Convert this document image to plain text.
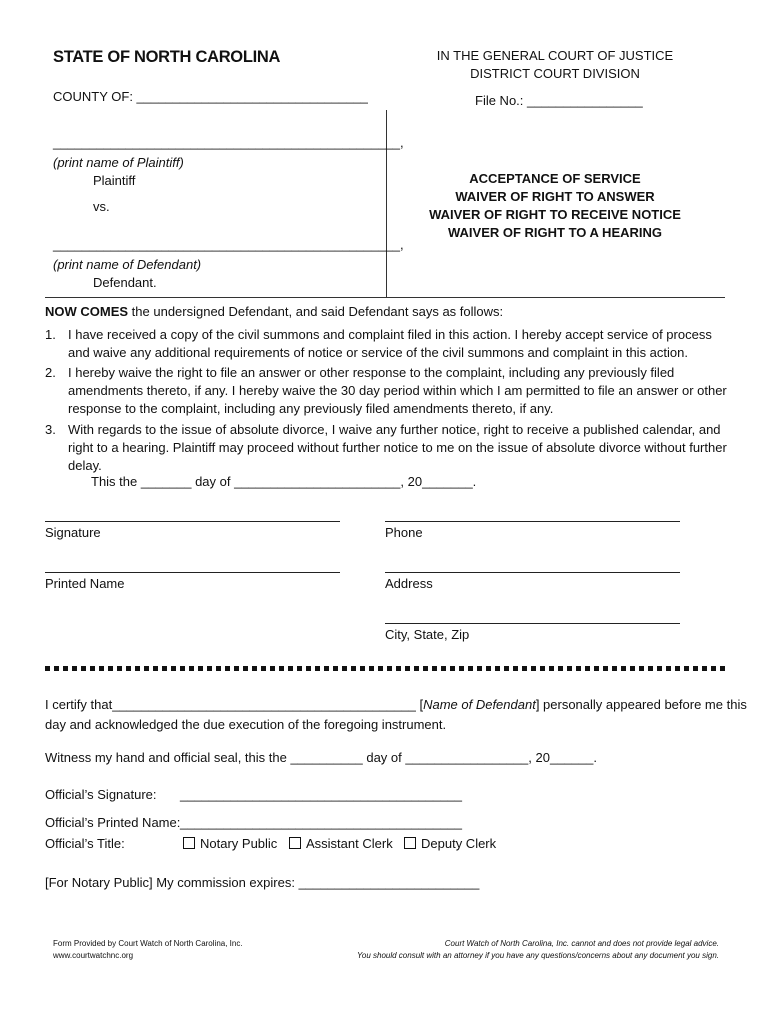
STATE OF NORTH CAROLINA
COUNTY OF: ________________________________
IN THE GENERAL COURT OF JUSTICE
DISTRICT COURT DIVISION
File No.: ________________
________________________________________________,
(print name of Plaintiff)
Plaintiff
vs.
________________________________________________,
(print name of Defendant)
Defendant.
ACCEPTANCE OF SERVICE
WAIVER OF RIGHT TO ANSWER
WAIVER OF RIGHT TO RECEIVE NOTICE
WAIVER OF RIGHT TO A HEARING
NOW COMES the undersigned Defendant, and said Defendant says as follows:
1. I have received a copy of the civil summons and complaint filed in this action. I hereby accept service of process and waive any additional requirements of notice or service of the civil summons and complaint in this action.
2. I hereby waive the right to file an answer or other response to the complaint, including any previously filed amendments thereto, if any. I hereby waive the 30 day period within which I am permitted to file an answer or other response to the complaint, including any previously filed amendments thereto, if any.
3. With regards to the issue of absolute divorce, I waive any further notice, right to receive a published calendar, and right to a hearing. Plaintiff may proceed without further notice to me on the issue of absolute divorce without further delay.
This the _______ day of _______________________, 20_______.
Signature	Phone
Printed Name	Address
City, State, Zip
I certify that__________________________________________ [Name of Defendant] personally appeared before me this
day and acknowledged the due execution of the foregoing instrument.
Witness my hand and official seal, this the __________ day of _________________, 20______.
Official’s Signature: _______________________________________
Official’s Printed Name: _______________________________________
Official’s Title:	Notary Public	Assistant Clerk	Deputy Clerk
[For Notary Public] My commission expires: _________________________
Form Provided by Court Watch of North Carolina, Inc.
www.courtwatchnc.org
Court Watch of North Carolina, Inc. cannot and does not provide legal advice.
You should consult with an attorney if you have any questions/concerns about any document you sign.
